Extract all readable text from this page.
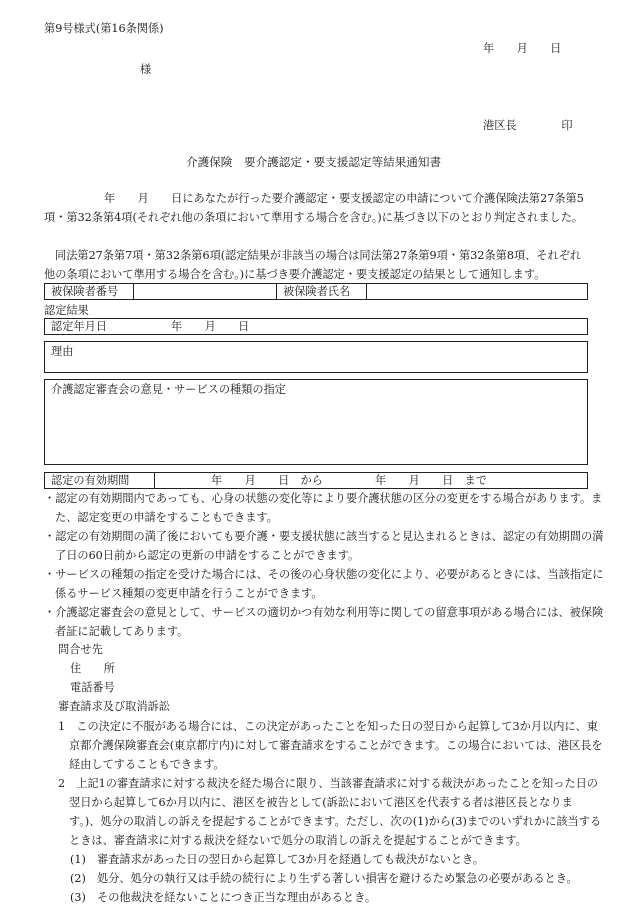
第9号様式(第16条関係)
年　　月　　日
様
港区長　　　　印
介護保険　要介護認定・要支援認定等結果通知書
年　　月　　日にあなたが行った要介護認定・要支援認定の申請について介護保険法第27条第5項・第32条第4項(それぞれ他の条項において準用する場合を含む。)に基づき以下のとおり判定されました。
同法第27条第7項・第32条第6項(認定結果が非該当の場合は同法第27条第9項・第32条第8項、それぞれ他の条項において準用する場合を含む。)に基づき要介護認定・要支援認定の結果として通知します。
被保険者番号	被保険者氏名
認定結果
認定年月日	年　　月　　日
理由
介護認定審査会の意見・サービスの種類の指定
認定の有効期間	年　　月　　日　から	年　　月　　日　まで
・認定の有効期間内であっても、心身の状態の変化等により要介護状態の区分の変更をする場合があります。また、認定変更の申請をすることもできます。
・認定の有効期間の満了後においても要介護・要支援状態に該当すると見込まれるときは、認定の有効期間の満了日の60日前から認定の更新の申請をすることができます。
・サービスの種類の指定を受けた場合には、その後の心身状態の変化により、必要があるときには、当該指定に係るサービス種類の変更申請を行うことができます。
・介護認定審査会の意見として、サービスの適切かつ有効な利用等に関しての留意事項がある場合には、被保険者証に記載してあります。
問合せ先
住　　所
電話番号
審査請求及び取消訴訟
1　この決定に不服がある場合には、この決定があったことを知った日の翌日から起算して3か月以内に、東京都介護保険審査会(東京都庁内)に対して審査請求をすることができます。この場合においては、港区長を経由してすることもできます。
2　上記1の審査請求に対する裁決を経た場合に限り、当該審査請求に対する裁決があったことを知った日の翌日から起算して6か月以内に、港区を被告として(訴訟において港区を代表する者は港区長となります。)、処分の取消しの訴えを提起することができます。ただし、次の(1)から(3)までのいずれかに該当するときは、審査請求に対する裁決を経ないで処分の取消しの訴えを提起することができます。
(1)　審査請求があった日の翌日から起算して3か月を経過しても裁決がないとき。
(2)　処分、処分の執行又は手続の続行により生ずる著しい損害を避けるため緊急の必要があるとき。
(3)　その他裁決を経ないことにつき正当な理由があるとき。
